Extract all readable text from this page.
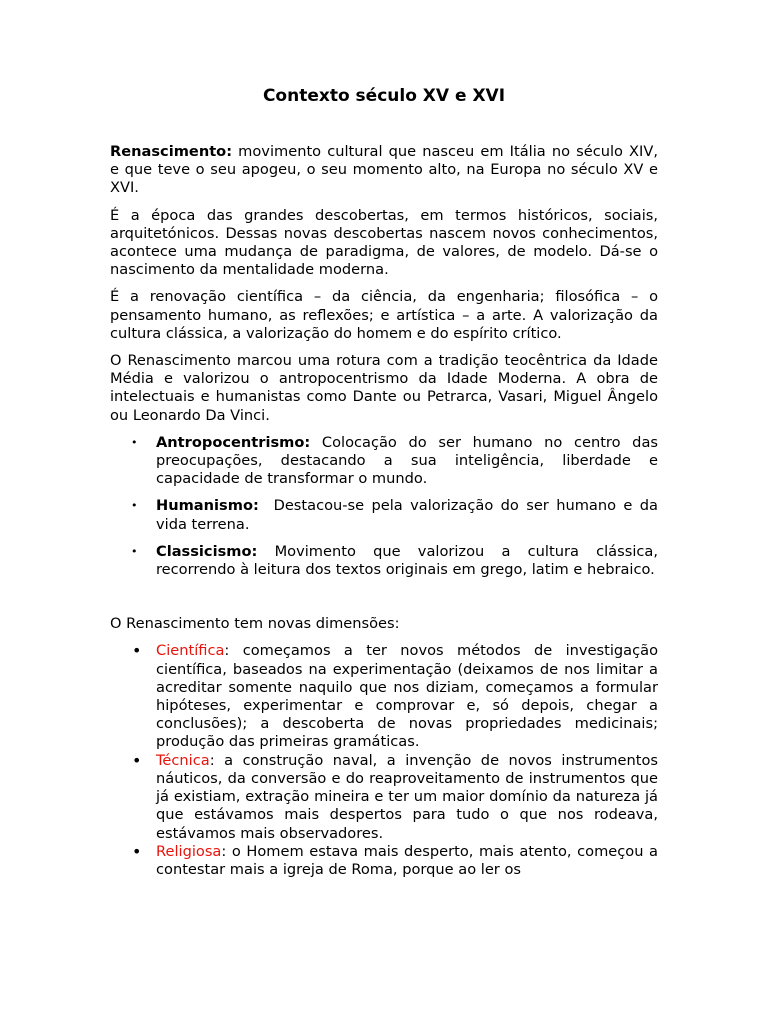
Contexto século XV e XVI

Renascimento: movimento cultural que nasceu em Itália no século XIV, e que teve o seu apogeu, o seu momento alto, na Europa no século XV e XVI.

É a época das grandes descobertas, em termos históricos, sociais, arquitetónicos. Dessas novas descobertas nascem novos conhecimentos, acontece uma mudança de paradigma, de valores, de modelo. Dá-se o nascimento da mentalidade moderna.

É a renovação científica – da ciência, da engenharia; filosófica – o pensamento humano, as reflexões; e artística – a arte. A valorização da cultura clássica, a valorização do homem e do espírito crítico.

O Renascimento marcou uma rotura com a tradição teocêntrica da Idade Média e valorizou o antropocentrismo da Idade Moderna. A obra de intelectuais e humanistas como Dante ou Petrarca, Vasari, Miguel Ângelo ou Leonardo Da Vinci.

• Antropocentrismo: Colocação do ser humano no centro das preocupações, destacando a sua inteligência, liberdade e capacidade de transformar o mundo.
• Humanismo:  Destacou-se pela valorização do ser humano e da vida terrena.
• Classicismo: Movimento que valorizou a cultura clássica, recorrendo à leitura dos textos originais em grego, latim e hebraico.

O Renascimento tem novas dimensões:

• Científica: começamos a ter novos métodos de investigação científica, baseados na experimentação (deixamos de nos limitar a acreditar somente naquilo que nos diziam, começamos a formular hipóteses, experimentar e comprovar e, só depois, chegar a conclusões); a descoberta de novas propriedades medicinais; produção das primeiras gramáticas.
• Técnica: a construção naval, a invenção de novos instrumentos náuticos, da conversão e do reaproveitamento de instrumentos que já existiam, extração mineira e ter um maior domínio da natureza já que estávamos mais despertos para tudo o que nos rodeava, estávamos mais observadores.
• Religiosa: o Homem estava mais desperto, mais atento, começou a contestar mais a igreja de Roma, porque ao ler os
